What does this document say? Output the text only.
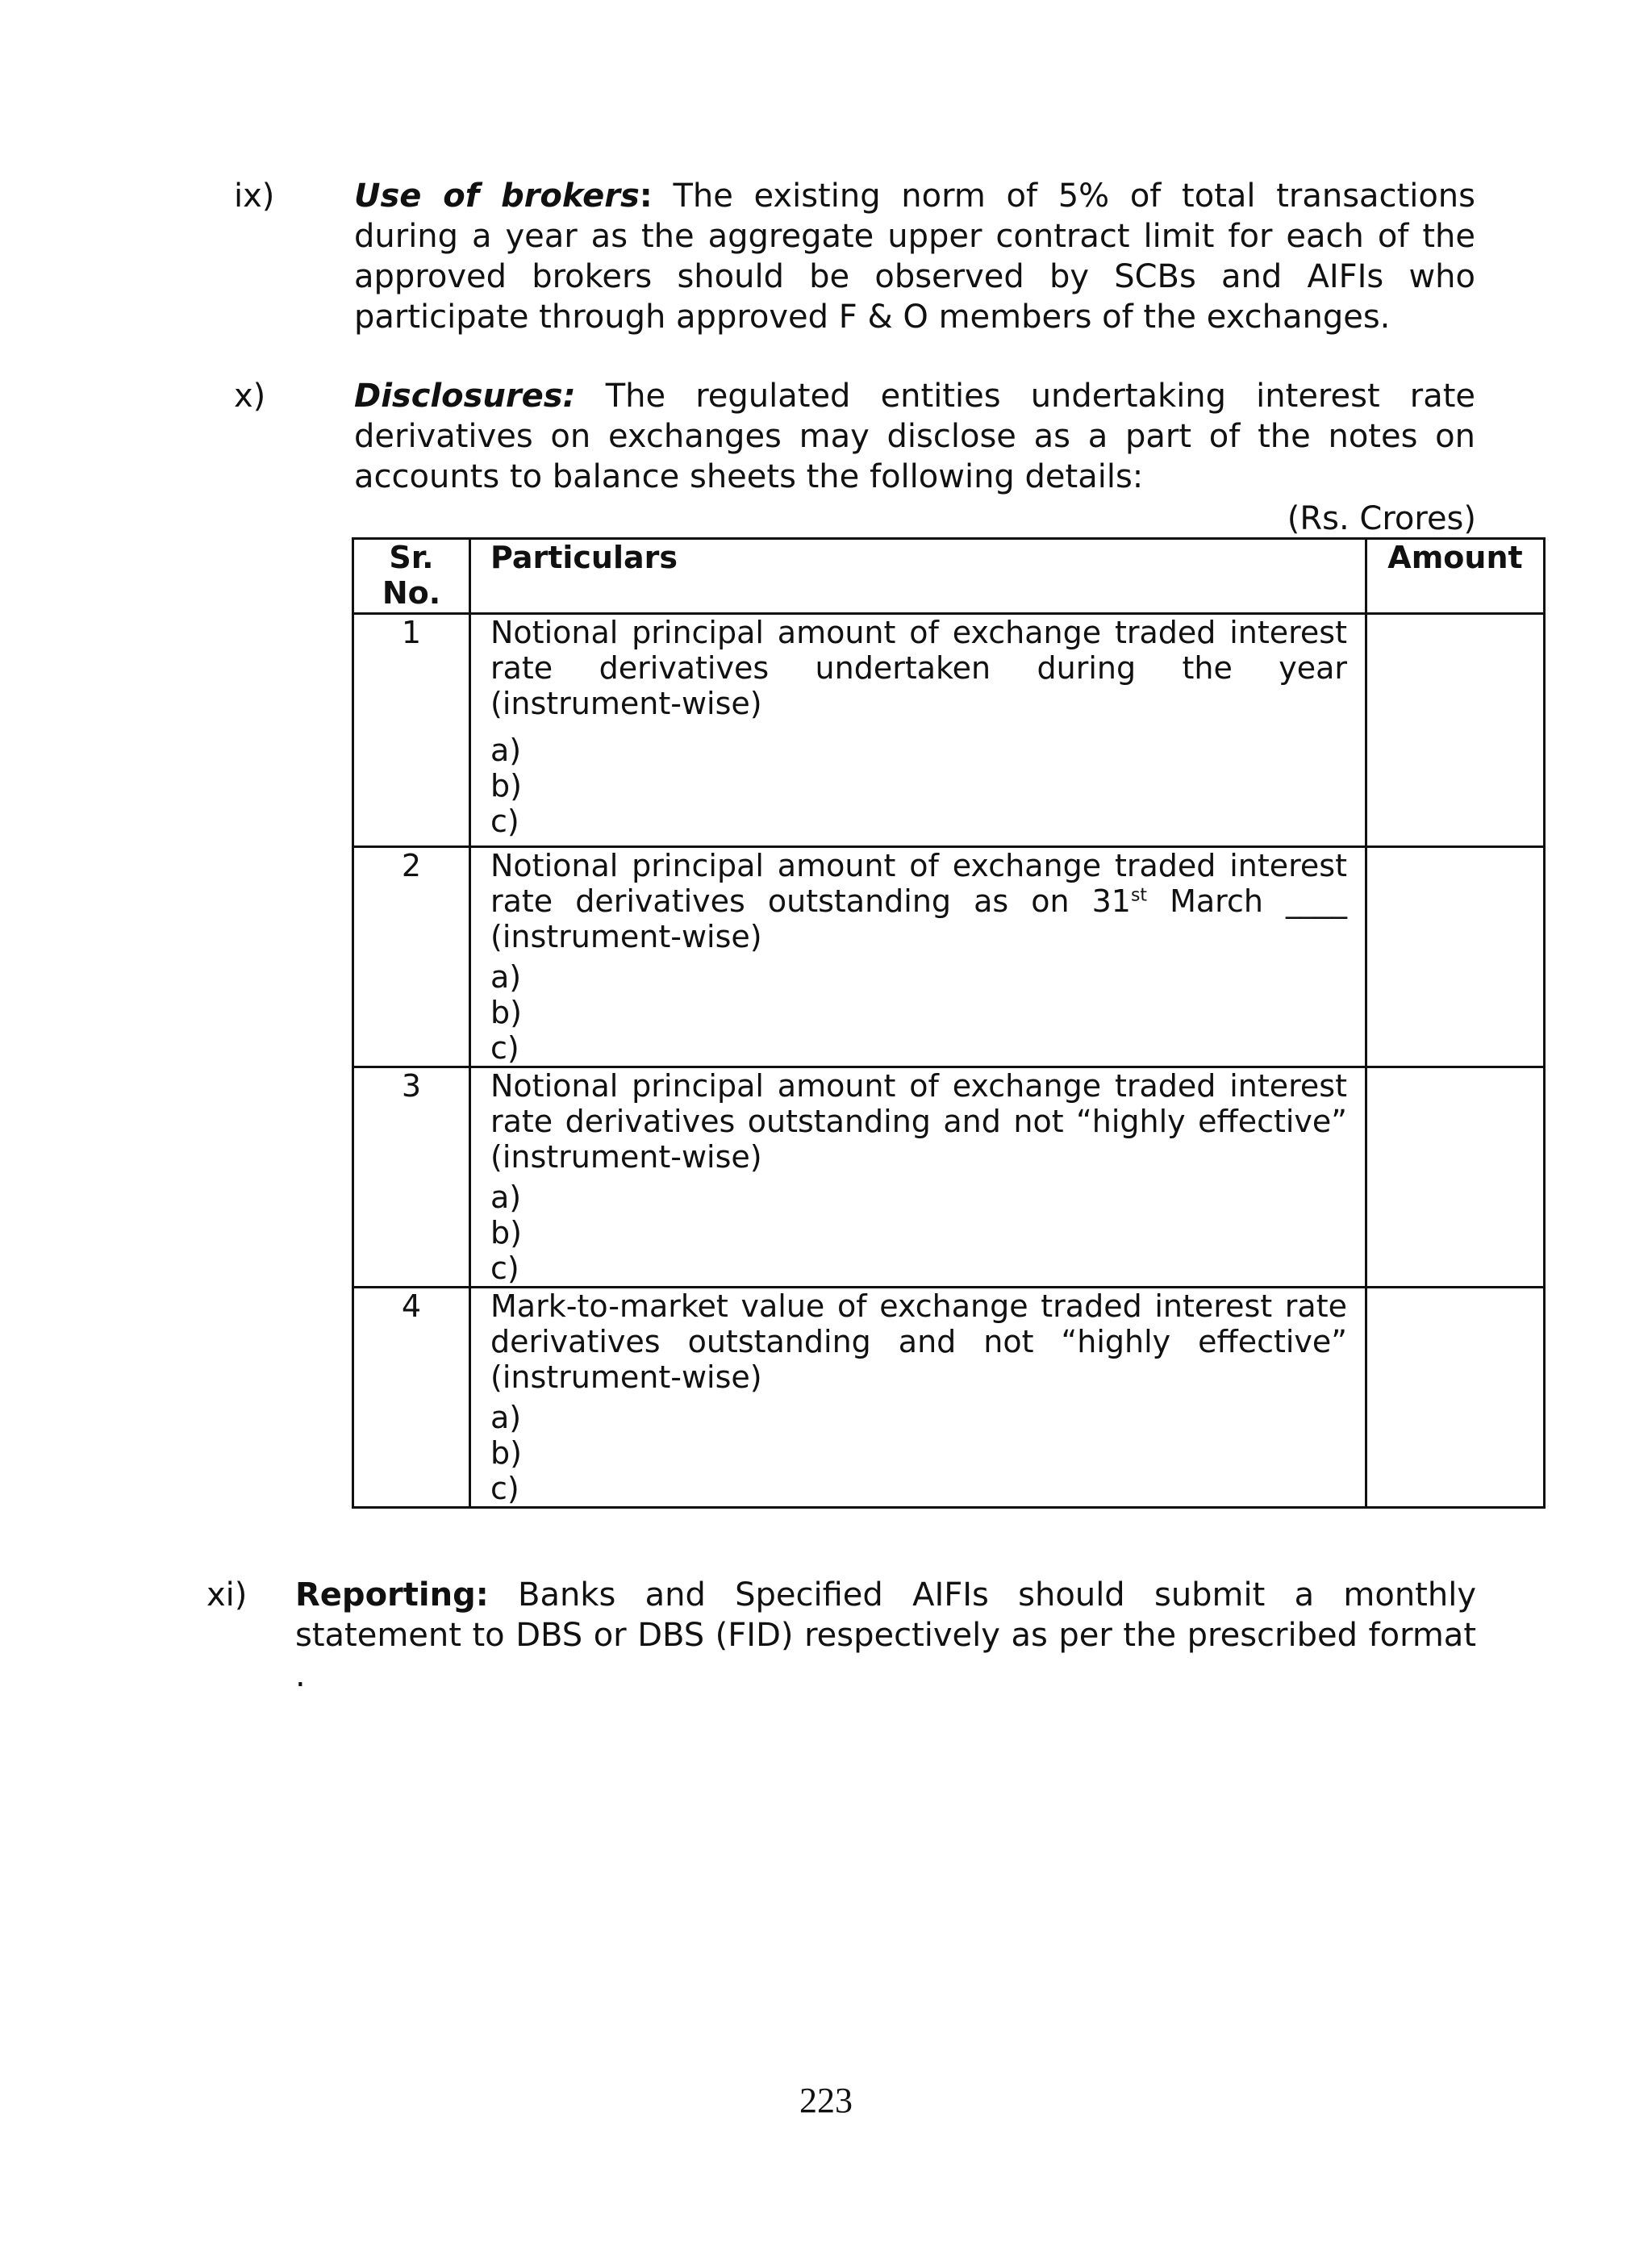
ix) Use of brokers: The existing norm of 5% of total transactions during a year as the aggregate upper contract limit for each of the approved brokers should be observed by SCBs and AIFIs who participate through approved F & O members of the exchanges.
x)	Disclosures: The regulated entities undertaking interest rate derivatives on exchanges may disclose as a part of the notes on accounts to balance sheets the following details:
(Rs. Crores)
Sr.
No.	Particulars	Amount
1	Notional principal amount of exchange traded interest rate derivatives undertaken during the year (instrument-wise)
a)
b)
c)	

2	Notional principal amount of exchange traded interest rate derivatives outstanding as on 31st March ____ (instrument-wise)
a)
b)
c)	

3	Notional principal amount of exchange traded interest rate derivatives outstanding and not “highly effective” (instrument-wise)
a)
b)
c)	

4	Mark-to-market value of exchange traded interest rate derivatives outstanding and not “highly effective” (instrument-wise)
a)
b)
c)	

xi) Reporting: Banks and Specified AIFIs should submit a monthly statement to DBS or DBS (FID) respectively as per the prescribed format .
223
